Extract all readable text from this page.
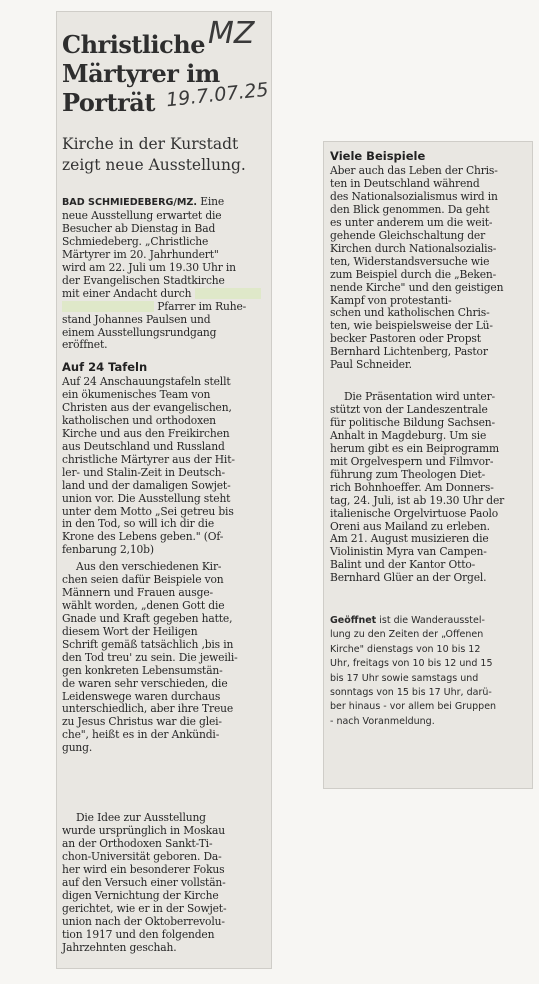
Christliche
Märtyrer im
Porträt
MZ
19.7.07.25
Kirche in der Kurstadt
zeigt neue Ausstellung.
BAD SCHMIEDEBERG/MZ. Eine
neue Ausstellung erwartet die
Besucher ab Dienstag in Bad
Schmiedeberg. „Christliche
Märtyrer im 20. Jahrhundert"
wird am 22. Juli um 19.30 Uhr in
der Evangelischen Stadtkirche
mit einer Andacht durch
Pfarrer im Ruhe-
stand Johannes Paulsen und
einem Ausstellungsrundgang
eröffnet.
Auf 24 Tafeln
Auf 24 Anschauungstafeln stellt
ein ökumenisches Team von
Christen aus der evangelischen,
katholischen und orthodoxen
Kirche und aus den Freikirchen
aus Deutschland und Russland
christliche Märtyrer aus der Hit-
ler- und Stalin-Zeit in Deutsch-
land und der damaligen Sowjet-
union vor. Die Ausstellung steht
unter dem Motto „Sei getreu bis
in den Tod, so will ich dir die
Krone des Lebens geben." (Of-
fenbarung 2,10b)
Aus den verschiedenen Kir-
chen seien dafür Beispiele von
Männern und Frauen ausge-
wählt worden, „denen Gott die
Gnade und Kraft gegeben hatte,
diesem Wort der Heiligen
Schrift gemäß tatsächlich ‚bis in
den Tod treu' zu sein. Die jeweili-
gen konkreten Lebensumstän-
de waren sehr verschieden, die
Leidenswege waren durchaus
unterschiedlich, aber ihre Treue
zu Jesus Christus war die glei-
che", heißt es in der Ankündi-
gung.
Die Idee zur Ausstellung
wurde ursprünglich in Moskau
an der Orthodoxen Sankt-Ti-
chon-Universität geboren. Da-
her wird ein besonderer Fokus
auf den Versuch einer vollstän-
digen Vernichtung der Kirche
gerichtet, wie er in der Sowjet-
union nach der Oktoberrevolu-
tion 1917 und den folgenden
Jahrzehnten geschah.
Viele Beispiele
Aber auch das Leben der Chris-
ten in Deutschland während
des Nationalsozialismus wird in
den Blick genommen. Da geht
es unter anderem um die weit-
gehende Gleichschaltung der
Kirchen durch Nationalsozialis-
ten, Widerstandsversuche wie
zum Beispiel durch die „Beken-
nende Kirche" und den geistigen
Kampf von protestanti-
schen und katholischen Chris-
ten, wie beispielsweise der Lü-
becker Pastoren oder Propst
Bernhard Lichtenberg, Pastor
Paul Schneider.
Die Präsentation wird unter-
stützt von der Landeszentrale
für politische Bildung Sachsen-
Anhalt in Magdeburg. Um sie
herum gibt es ein Beiprogramm
mit Orgelvespern und Filmvor-
führung zum Theologen Diet-
rich Bohnhoeffer. Am Donners-
tag, 24. Juli, ist ab 19.30 Uhr der
italienische Orgelvirtuose Paolo
Oreni aus Mailand zu erleben.
Am 21. August musizieren die
Violinistin Myra van Campen-
Balint und der Kantor Otto-
Bernhard Glüer an der Orgel.
Geöffnet ist die Wanderausstel-
lung zu den Zeiten der „Offenen
Kirche" dienstags von 10 bis 12
Uhr, freitags von 10 bis 12 und 15
bis 17 Uhr sowie samstags und
sonntags von 15 bis 17 Uhr, darü-
ber hinaus - vor allem bei Gruppen
- nach Voranmeldung.
